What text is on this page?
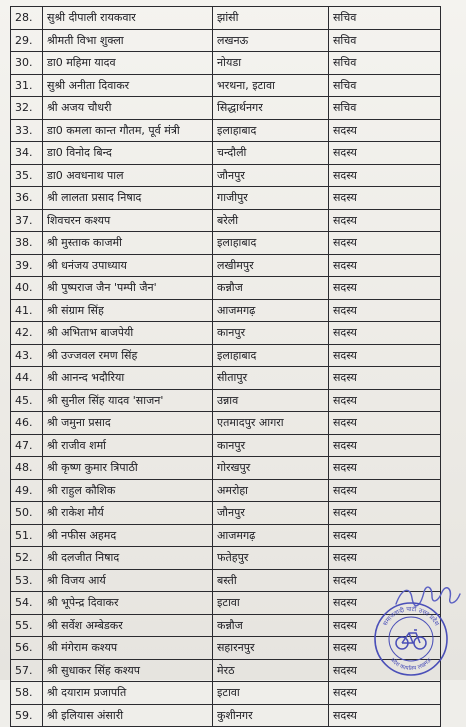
28.	सुश्री दीपाली रायकवार	झांसी	सचिव
29.	श्रीमती विभा शुक्ला	लखनऊ	सचिव
30.	डा0 महिमा यादव	नोयडा	सचिव
31.	सुश्री अनीता दिवाकर	भरथना, इटावा	सचिव
32.	श्री अजय चौधरी	सिद्धार्थनगर	सचिव
33.	डा0 कमला कान्त गौतम, पूर्व मंत्री	इलाहाबाद	सदस्य
34.	डा0 विनोद बिन्द	चन्दौली	सदस्य
35.	डा0 अवधनाथ पाल	जौनपुर	सदस्य
36.	श्री लालता प्रसाद निषाद	गाजीपुर	सदस्य
37.	शिवचरन कश्यप	बरेली	सदस्य
38.	श्री मुस्ताक काजमी	इलाहाबाद	सदस्य
39.	श्री धनंजय उपाध्याय	लखीमपुर	सदस्य
40.	श्री पुष्पराज जैन 'पम्पी जैन'	कन्नौज	सदस्य
41.	श्री संग्राम सिंह	आजमगढ़	सदस्य
42.	श्री अभिताभ बाजपेयी	कानपुर	सदस्य
43.	श्री उज्जवल रमण सिंह	इलाहाबाद	सदस्य
44.	श्री आनन्द भदौरिया	सीतापुर	सदस्य
45.	श्री सुनील सिंह यादव 'साजन'	उन्नाव	सदस्य
46.	श्री जमुना प्रसाद	एतमादपुर आगरा	सदस्य
47.	श्री राजीव शर्मा	कानपुर	सदस्य
48.	श्री कृष्ण कुमार त्रिपाठी	गोरखपुर	सदस्य
49.	श्री राहुल कौशिक	अमरोहा	सदस्य
50.	श्री राकेश मौर्य	जौनपुर	सदस्य
51.	श्री नफीस अहमद	आजमगढ़	सदस्य
52.	श्री दलजीत निषाद	फतेहपुर	सदस्य
53.	श्री विजय आर्य	बस्ती	सदस्य
54.	श्री भूपेन्द्र दिवाकर	इटावा	सदस्य
55.	श्री सर्वेश अम्बेडकर	कन्नौज	सदस्य
56.	श्री मंगेराम कश्यप	सहारनपुर	सदस्य
57.	श्री सुधाकर सिंह कश्यप	मेरठ	सदस्य
58.	श्री दयाराम प्रजापति	इटावा	सदस्य
59.	श्री इलियास अंसारी	कुशीनगर	सदस्य
समाजवादी पार्टी उत्तर प्रदेश
प्रदेश कार्यालय लखनऊ
